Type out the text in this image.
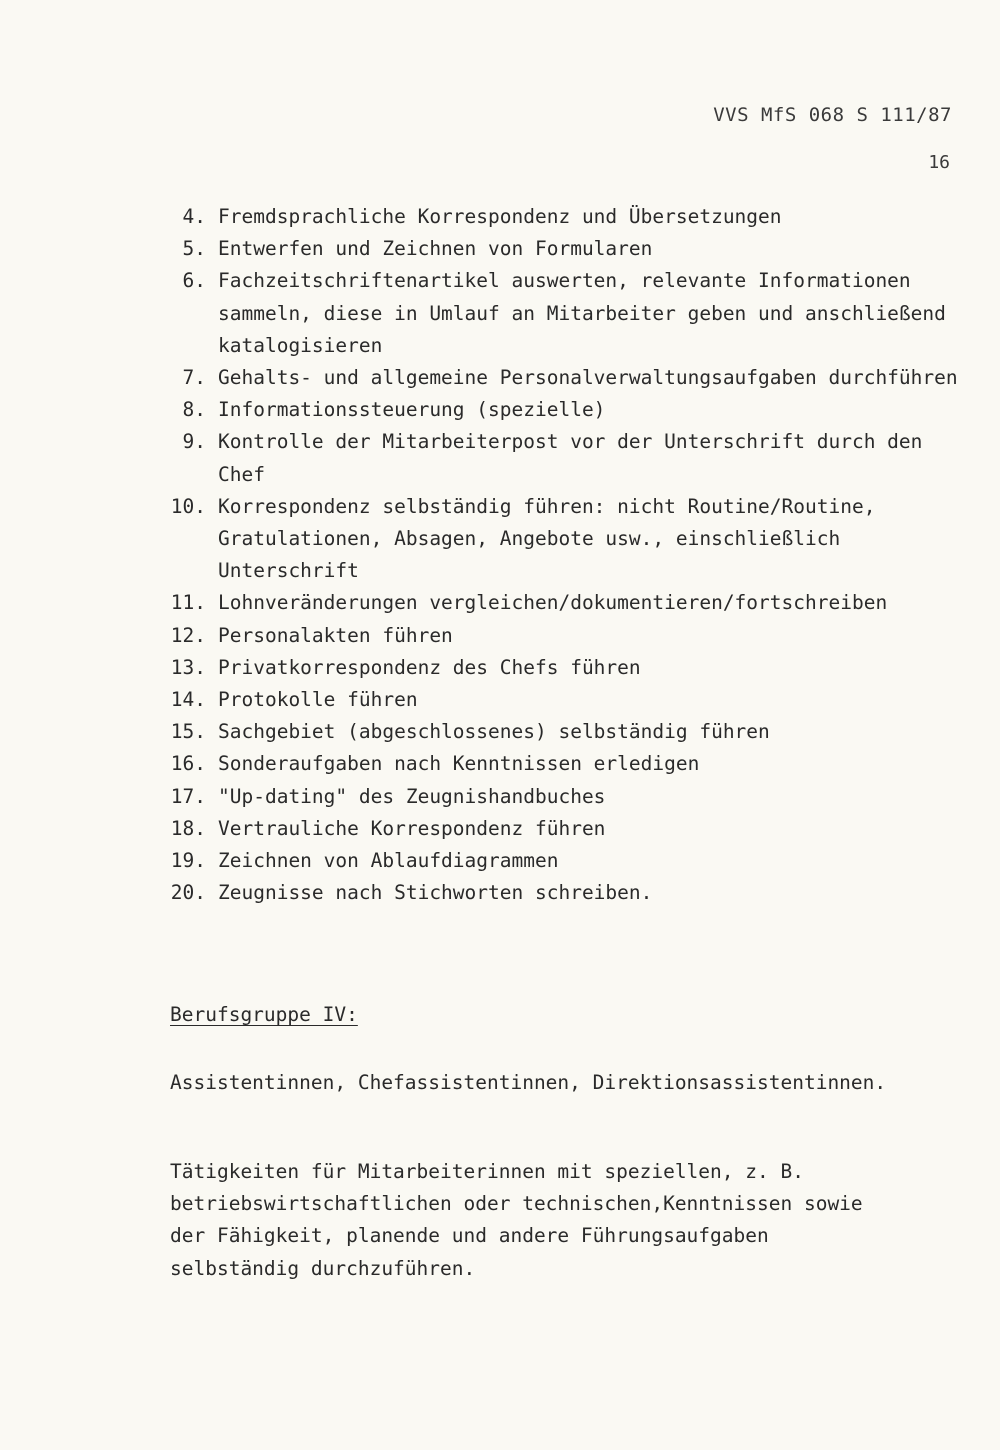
VVS MfS 068 S 111/87
16
4. Fremdsprachliche Korrespondenz und Übersetzungen
5. Entwerfen und Zeichnen von Formularen
6. Fachzeitschriftenartikel auswerten, relevante Informationen sammeln, diese in Umlauf an Mitarbeiter geben und anschließend katalogisieren
7. Gehalts- und allgemeine Personalverwaltungsaufgaben durchführen
8. Informationssteuerung (spezielle)
9. Kontrolle der Mitarbeiterpost vor der Unterschrift durch den Chef
10. Korrespondenz selbständig führen: nicht Routine/Routine, Gratulationen, Absagen, Angebote usw., einschließlich Unterschrift
11. Lohnveränderungen vergleichen/dokumentieren/fortschreiben
12. Personalakten führen
13. Privatkorrespondenz des Chefs führen
14. Protokolle führen
15. Sachgebiet (abgeschlossenes) selbständig führen
16. Sonderaufgaben nach Kenntnissen erledigen
17. "Up-dating" des Zeugnishandbuches
18. Vertrauliche Korrespondenz führen
19. Zeichnen von Ablaufdiagrammen
20. Zeugnisse nach Stichworten schreiben.
Berufsgruppe IV:

Assistentinnen, Chefassistentinnen, Direktionsassistentinnen.

Tätigkeiten für Mitarbeiterinnen mit speziellen, z. B. betriebswirtschaftlichen oder technischen,Kenntnissen sowie der Fähigkeit, planende und andere Führungsaufgaben selbständig durchzuführen.
